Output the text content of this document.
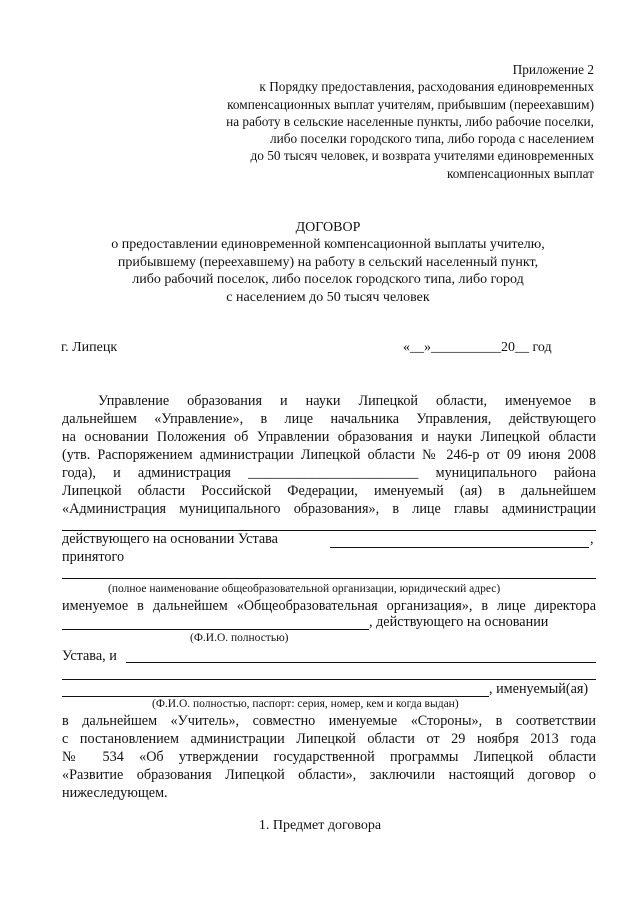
Приложение 2
к Порядку предоставления, расходования единовременных
компенсационных выплат учителям, прибывшим (переехавшим)
на работу в сельские населенные пункты, либо рабочие поселки,
либо поселки городского типа, либо города с населением
до 50 тысяч человек, и возврата учителями единовременных
компенсационных выплат
ДОГОВОР
о предоставлении единовременной компенсационной выплаты учителю,
прибывшему (переехавшему) на работу в сельский населенный пункт,
либо рабочий поселок, либо поселок городского типа, либо город
с населением до 50 тысяч человек
г. Липецк	«__»__________20__ год
Управление образования и науки Липецкой области, именуемое в
дальнейшем «Управление», в лице начальника Управления, действующего
на основании Положения об Управлении образования и науки Липецкой области
(утв. Распоряжением администрации Липецкой области № 246-р от 09 июня 2008
года), и администрация ________________________ муниципального района
Липецкой области Российской Федерации, именуемый (ая) в дальнейшем
«Администрация муниципального образования», в лице главы администрации
действующего на основании Устава	,
принятого
(полное наименование общеобразовательной организации, юридический адрес)
именуемое в дальнейшем «Общеобразовательная организация», в лице директора
, действующего на основании
(Ф.И.О. полностью)
Устава, и
, именуемый(ая)
(Ф.И.О. полностью, паспорт: серия, номер, кем и когда выдан)
в дальнейшем «Учитель», совместно именуемые «Стороны», в соответствии
с постановлением администрации Липецкой области от 29 ноября 2013 года
№ 534 «Об утверждении государственной программы Липецкой области
«Развитие образования Липецкой области», заключили настоящий договор о
нижеследующем.
1. Предмет договора
